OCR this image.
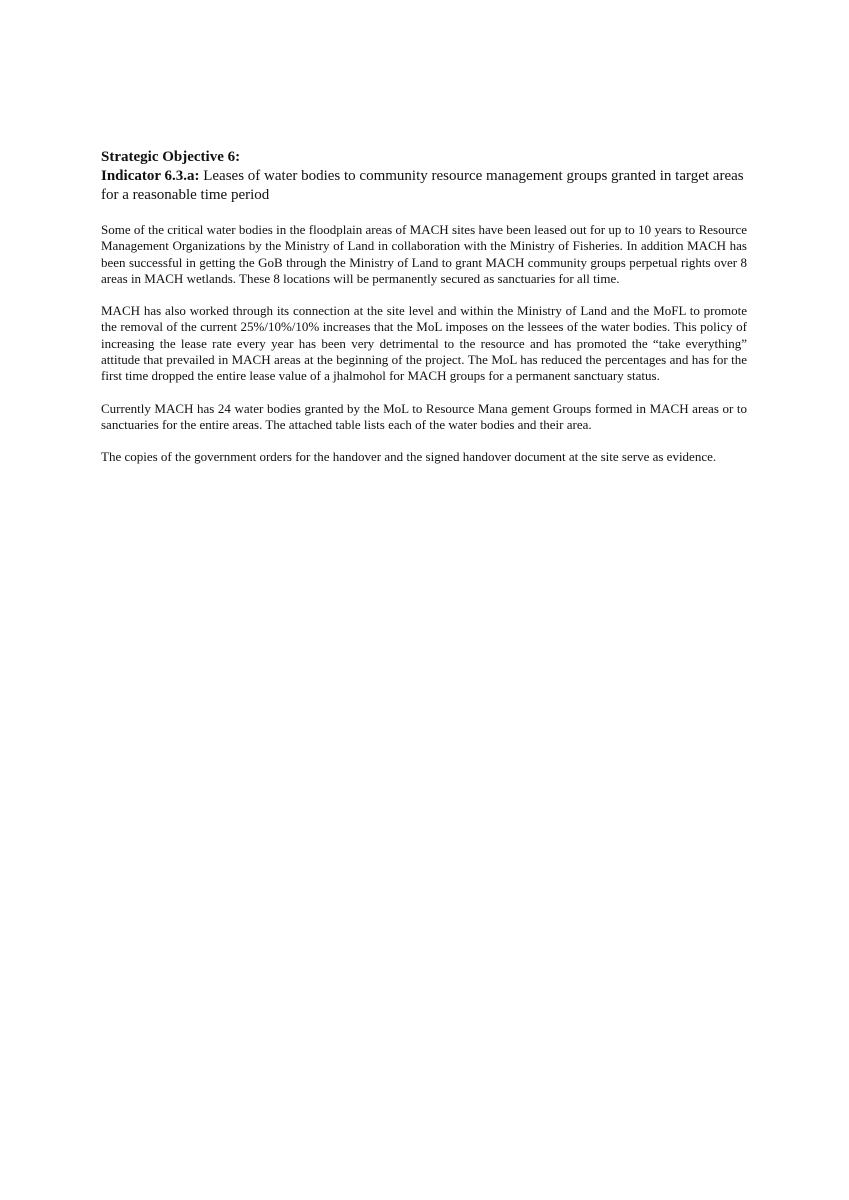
Strategic Objective 6:

Indicator 6.3.a: Leases of water bodies to community resource management groups granted in target areas for a reasonable time period

Some of the critical water bodies in the floodplain areas of MACH sites have been leased out for up to 10 years to Resource Management Organizations by the Ministry of Land in collaboration with the Ministry of Fisheries. In addition MACH has been successful in getting the GoB through the Ministry of Land to grant MACH community groups perpetual rights over 8 areas in MACH wetlands. These 8 locations will be permanently secured as sanctuaries for all time.

MACH has also worked through its connection at the site level and within the Ministry of Land and the MoFL to promote the removal of the current 25%/10%/10% increases that the MoL imposes on the lessees of the water bodies. This policy of increasing the lease rate every year has been very detrimental to the resource and has promoted the “take everything” attitude that prevailed in MACH areas at the beginning of the project. The MoL has reduced the percentages and has for the first time dropped the entire lease value of a jhalmohol for MACH groups for a permanent sanctuary status.

Currently MACH has 24 water bodies granted by the MoL to Resource Mana gement Groups formed in MACH areas or to sanctuaries for the entire areas. The attached table lists each of the water bodies and their area.

The copies of the government orders for the handover and the signed handover document at the site serve as evidence.
